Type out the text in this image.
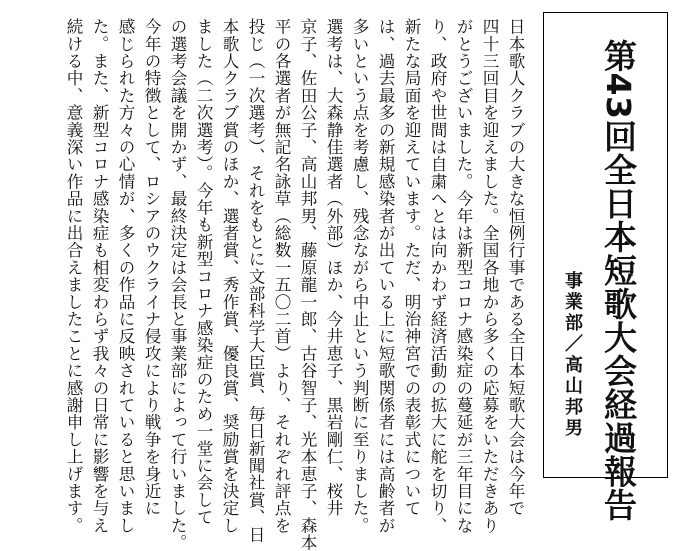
第43回全日本短歌大会経過報告
事業部／高山邦男
日本歌人クラブの大きな恒例行事である全日本短歌大会は今年で
四十三回目を迎えました。全国各地から多くの応募をいただきあり
がとうございました。今年は新型コロナ感染症の蔓延が三年目にな
り、政府や世間は自粛へとは向かわず経済活動の拡大に舵を切り、
新たな局面を迎えています。ただ、明治神宮での表彰式について
は、過去最多の新規感染者が出ている上に短歌関係者には高齢者が
多いという点を考慮し、残念ながら中止という判断に至りました。
選考は、大森静佳選者（外部）ほか、今井恵子、黒岩剛仁、桜井
京子、佐田公子、高山邦男、藤原龍一郎、古谷智子、光本恵子、森本
平の各選者が無記名詠草（総数一五〇二首）より、それぞれ評点を
投じ（一次選考）、それをもとに文部科学大臣賞、毎日新聞社賞、日
本歌人クラブ賞のほか、選者賞、秀作賞、優良賞、奨励賞を決定し
ました（二次選考）。今年も新型コロナ感染症のため一堂に会して
の選考会議を開かず、最終決定は会長と事業部によって行いました。
今年の特徴として、ロシアのウクライナ侵攻により戦争を身近に
感じられた方々の心情が、多くの作品に反映されていると思いまし
た。また、新型コロナ感染症も相変わらず我々の日常に影響を与え
続ける中、意義深い作品に出合えましたことに感謝申し上げます。
